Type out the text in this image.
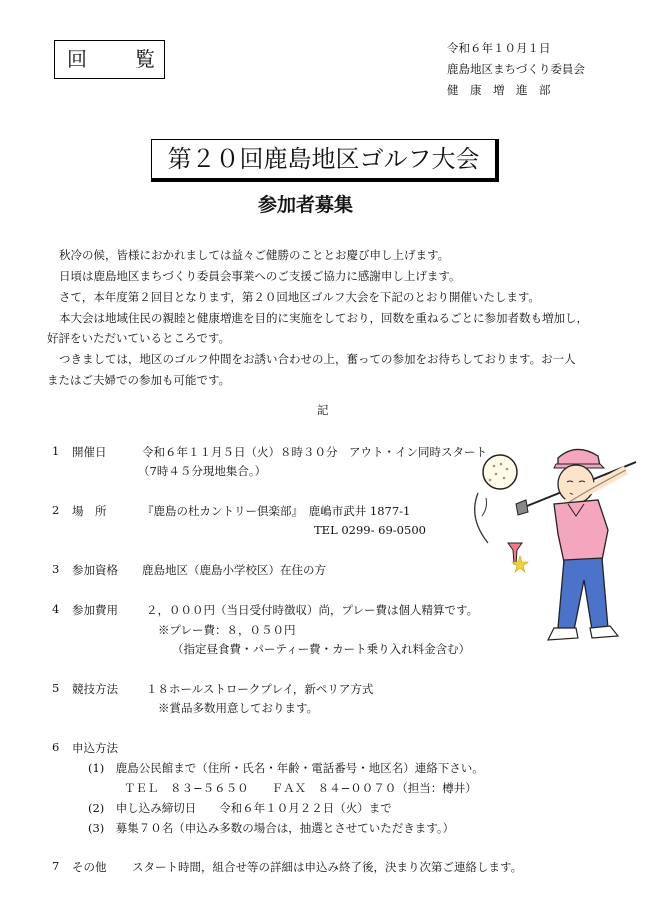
回　覧	令和６年１０月１日
鹿島地区まちづくり委員会
健　康　増　進　部
第２０回鹿島地区ゴルフ大会
参加者募集
秋冷の候，皆様におかれましては益々ご健勝のこととお慶び申し上げます。
日頃は鹿島地区まちづくり委員会事業へのご支援ご協力に感謝申し上げます。
さて，本年度第２回目となります，第２０回地区ゴルフ大会を下記のとおり開催いたします。
本大会は地域住民の親睦と健康増進を目的に実施をしており，回数を重ねるごとに参加者数も増加し，
好評をいただいているところです。
つきましては，地区のゴルフ仲間をお誘い合わせの上，奮っての参加をお待ちしております。お一人
またはご夫婦での参加も可能です。
記
1 開催日	令和６年１１月５日（火）８時３０分　アウト・イン同時スタート
（7時４５分現地集合。）
2 場　所	『鹿島の杜カントリー倶楽部』　鹿嶋市武井 1877-1
TEL 0299- 69-0500
3 参加資格 鹿島地区（鹿島小学校区）在住の方
4 参加費用 ２，０００円（当日受付時徴収）尚，プレー費は個人精算です。
※プレー費：８，０５０円
（指定昼食費・パーティー費・カート乗り入れ料金含む）
5 競技方法 １８ホールストロークプレイ，新ペリア方式
※賞品多数用意しております。
6 申込方法
(1)　鹿島公民館まで（住所・氏名・年齢・電話番号・地区名）連絡下さい。
ＴＥＬ　８３−５６５０　　ＦＡＸ　８４−００７０（担当：樽井）
(2)　申し込み締切日　　令和６年１０月２２日（火）まで
(3)　募集７０名（申込み多数の場合は，抽選とさせていただきます。）
7 その他 スタート時間，組合せ等の詳細は申込み終了後，決まり次第ご連絡します。
